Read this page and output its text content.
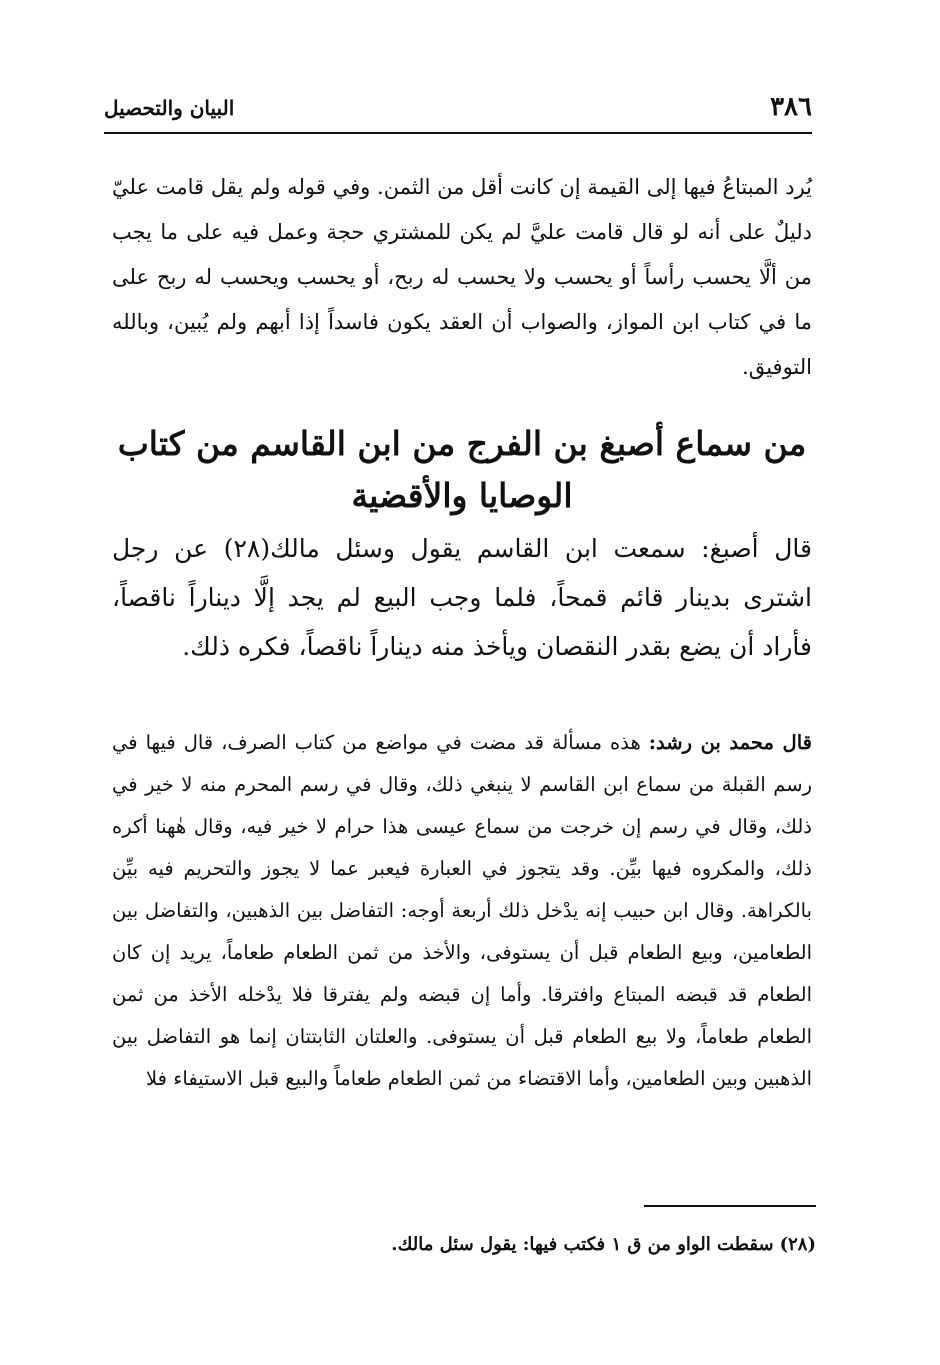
٣٨٦
البيان والتحصيل

يُرد المبتاعُ فيها إلى القيمة إن كانت أقل من الثمن. وفي قوله ولم يقل قامت عليّ دليلٌ على أنه لو قال قامت عليَّ لم يكن للمشتري حجة وعمل فيه على ما يجب من ألَّا يحسب رأساً أو يحسب ولا يحسب له ربح، أو يحسب ويحسب له ربح على ما في كتاب ابن المواز، والصواب أن العقد يكون فاسداً إذا أبهم ولم يُبين، وبالله التوفيق.

من سماع أصبغ بن الفرج من ابن القاسم من كتاب الوصايا والأقضية

قال أصبغ: سمعت ابن القاسم يقول وسئل مالك(٢٨) عن رجل اشترى بدينار قائم قمحاً، فلما وجب البيع لم يجد إلَّا ديناراً ناقصاً، فأراد أن يضع بقدر النقصان ويأخذ منه ديناراً ناقصاً، فكره ذلك.

قال محمد بن رشد: هذه مسألة قد مضت في مواضع من كتاب الصرف، قال فيها في رسم القبلة من سماع ابن القاسم لا ينبغي ذلك، وقال في رسم المحرم منه لا خير في ذلك، وقال في رسم إن خرجت من سماع عيسى هذا حرام لا خير فيه، وقال هٰهنا أكره ذلك، والمكروه فيها بيِّن. وقد يتجوز في العبارة فيعبر عما لا يجوز والتحريم فيه بيِّن بالكراهة. وقال ابن حبيب إنه يدْخل ذلك أربعة أوجه: التفاضل بين الذهبين، والتفاضل بين الطعامين، وبيع الطعام قبل أن يستوفى، والأخذ من ثمن الطعام طعاماً، يريد إن كان الطعام قد قبضه المبتاع وافترقا. وأما إن قبضه ولم يفترقا فلا يدْخله الأخذ من ثمن الطعام طعاماً، ولا بيع الطعام قبل أن يستوفى. والعلتان الثابتتان إنما هو التفاضل بين الذهبين وبين الطعامين، وأما الاقتضاء من ثمن الطعام طعاماً والبيع قبل الاستيفاء فلا

(٢٨)سقطت الواو من ق ١ فكتب فيها: يقول سئل مالك.
